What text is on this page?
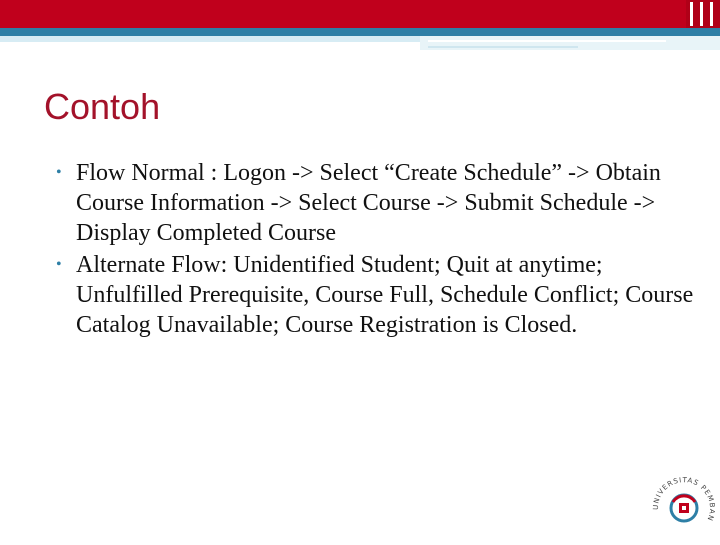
Contoh
• Flow Normal : Logon -> Select “Create Schedule” -> Obtain Course Information -> Select Course -> Submit Schedule -> Display Completed Course
• Alternate Flow: Unidentified Student; Quit at anytime; Unfulfilled Prerequisite, Course Full, Schedule Conflict; Course Catalog Unavailable; Course Registration is Closed.
UNIVERSITAS PEMBAN
